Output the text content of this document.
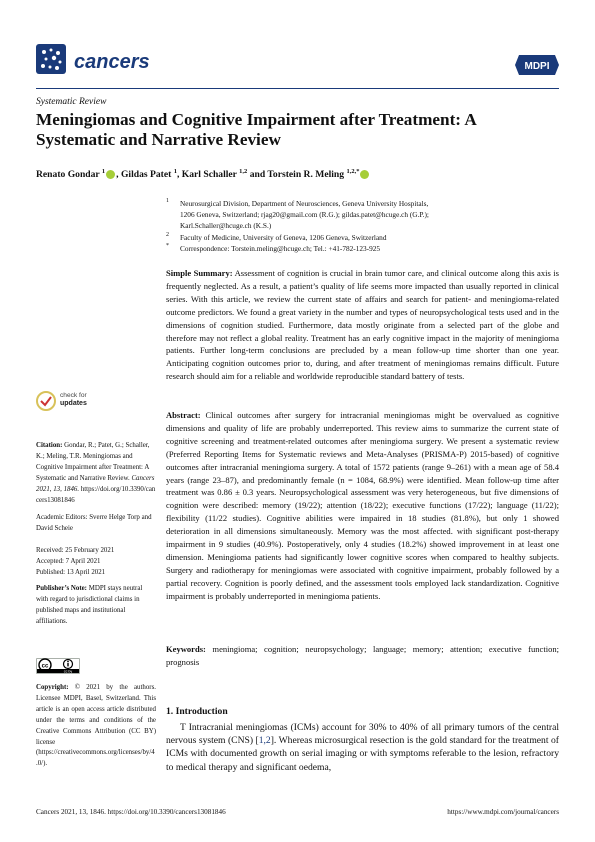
cancers	MDPI
Systematic Review
Meningiomas and Cognitive Impairment after Treatment: A Systematic and Narrative Review
Renato Gondar $^1$ , Gildas Patet $^1$, Karl Schaller $^{1,2}$ and Torstein R. Meling $^{1,2,*}$
1 Neurosurgical Division, Department of Neurosciences, Geneva University Hospitals,
1206 Geneva, Switzerland; rjag20@gmail.com (R.G.); gildas.patet@hcuge.ch (G.P.);
Karl.Schaller@hcuge.ch (K.S.)
2 Faculty of Medicine, University of Geneva, 1206 Geneva, Switzerland
* Correspondence: Torstein.meling@hcuge.ch; Tel.: +41-782-123-925
check for
updates
Citation: Gondar, R.; Patet, G.; Schaller, K.; Meling, T.R. Meningiomas and Cognitive Impairment after Treatment: A Systematic and Narrative Review. Cancers 2021, 13, 1846. https://doi.org/10.3390/cancers13081846
Academic Editors: Sverre Helge Torp and David Scheie
Received: 25 February 2021
Accepted: 7 April 2021
Published: 13 April 2021
Publisher’s Note: MDPI stays neutral with regard to jurisdictional claims in published maps and institutional affiliations.
cc
cc by
Copyright: © 2021 by the authors. Licensee MDPI, Basel, Switzerland. This article is an open access article distributed under the terms and conditions of the Creative Commons Attribution (CC BY) license (https://creativecommons.org/licenses/by/4.0/).
Simple Summary: Assessment of cognition is crucial in brain tumor care, and clinical outcome along this axis is frequently neglected. As a result, a patient’s quality of life seems more impacted than usually reported in clinical series. With this article, we review the current state of affairs and search for patient- and meningioma-related outcome predictors. We found a great variety in the number and types of neuropsychological tests used and in the dimensions of cognition studied. Furthermore, data mostly originate from a selected part of the globe and therefore may not reflect a global reality. Treatment has an early cognitive impact in the majority of meningioma patients. Further long-term conclusions are precluded by a mean follow-up time shorter than one year. Anticipating cognition outcomes prior to, during, and after treatment of meningiomas remains difficult. Future research should aim for a reliable and worldwide reproducible standard battery of tests.
Abstract: Clinical outcomes after surgery for intracranial meningiomas might be overvalued as cognitive dimensions and quality of life are probably underreported. This review aims to summarize the current state of cognitive screening and treatment-related outcomes after meningioma surgery. We present a systematic review (Preferred Reporting Items for Systematic reviews and Meta-Analyses (PRISMA-P) 2015-based) of cognitive outcomes after intracranial meningioma surgery. A total of 1572 patients (range 9–261) with a mean age of 58.4 years (range 23–87), and predominantly female (n = 1084, 68.9%) were identified. Mean follow-up time after treatment was 0.86 ± 0.3 years. Neuropsychological assessment was very heterogeneous, but five dimensions of cognition were described: memory (19/22); attention (18/22); executive functions (17/22); language (11/22); flexibility (11/22 studies). Cognitive abilities were impaired in 18 studies (81.8%), but only 1 showed deterioration in all dimensions simultaneously. Memory was the most affected. with significant post-therapy impairment in 9 studies (40.9%). Postoperatively, only 4 studies (18.2%) showed improvement in at least one dimension. Meningioma patients had significantly lower cognitive scores when compared to healthy subjects. Surgery and radiotherapy for meningiomas were associated with cognitive impairment, probably followed by a partial recovery. Cognition is poorly defined, and the assessment tools employed lack standardization. Cognitive impairment is probably underreported in meningioma patients.
Keywords: meningioma; cognition; neuropsychology; language; memory; attention; executive function; prognosis
1. Introduction
T Intracranial meningiomas (ICMs) account for 30% to 40% of all primary tumors of the central nervous system (CNS) [1,2]. Whereas microsurgical resection is the gold standard for the treatment of ICMs with documented growth on serial imaging or with symptoms referable to the lesion, refractory to medical therapy and significant oedema,
Cancers 2021, 13, 1846. https://doi.org/10.3390/cancers13081846	https://www.mdpi.com/journal/cancers
